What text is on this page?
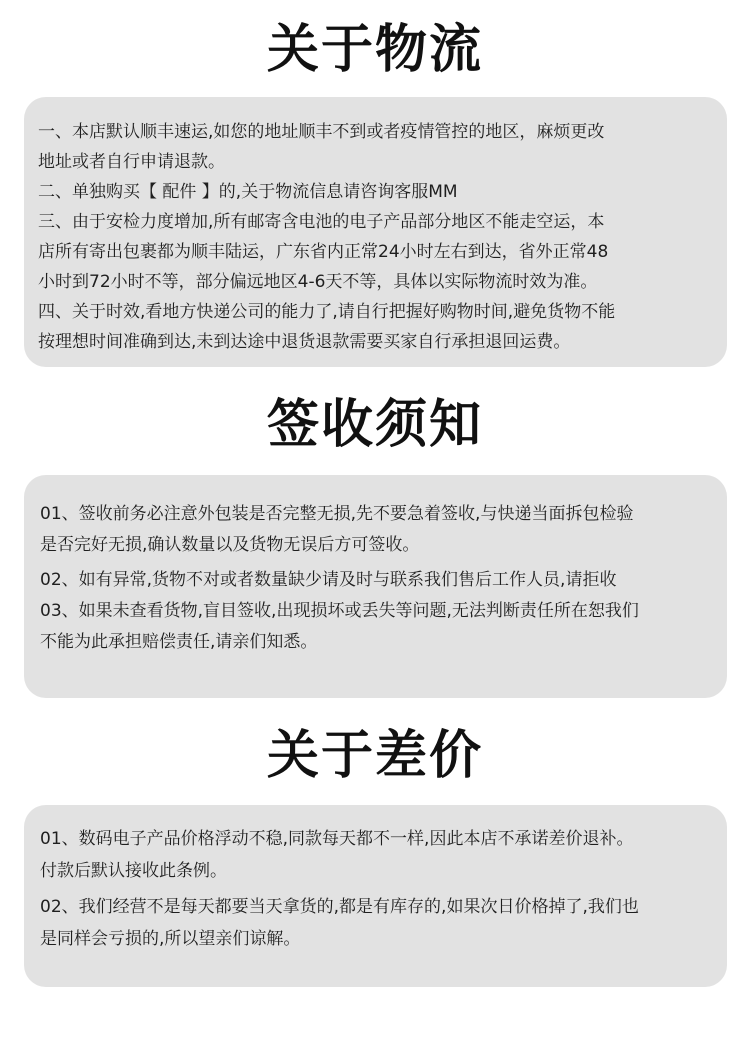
关于物流

一、本店默认顺丰速运,如您的地址顺丰不到或者疫情管控的地区，麻烦更改

地址或者自行申请退款。

二、单独购买【 配件 】的,关于物流信息请咨询客服MM

三、由于安检力度增加,所有邮寄含电池的电子产品部分地区不能走空运，本

店所有寄出包裹都为顺丰陆运，广东省内正常24小时左右到达，省外正常48

小时到72小时不等，部分偏远地区4-6天不等，具体以实际物流时效为准。

四、关于时效,看地方快递公司的能力了,请自行把握好购物时间,避免货物不能

按理想时间准确到达,未到达途中退货退款需要买家自行承担退回运费。

签收须知

01、签收前务必注意外包装是否完整无损,先不要急着签收,与快递当面拆包检验

是否完好无损,确认数量以及货物无误后方可签收。

02、如有异常,货物不对或者数量缺少请及时与联系我们售后工作人员,请拒收

03、如果未查看货物,盲目签收,出现损坏或丢失等问题,无法判断责任所在恕我们

不能为此承担赔偿责任,请亲们知悉。

关于差价

01、数码电子产品价格浮动不稳,同款每天都不一样,因此本店不承诺差价退补。

付款后默认接收此条例。

02、我们经营不是每天都要当天拿货的,都是有库存的,如果次日价格掉了,我们也

是同样会亏损的,所以望亲们谅解。
